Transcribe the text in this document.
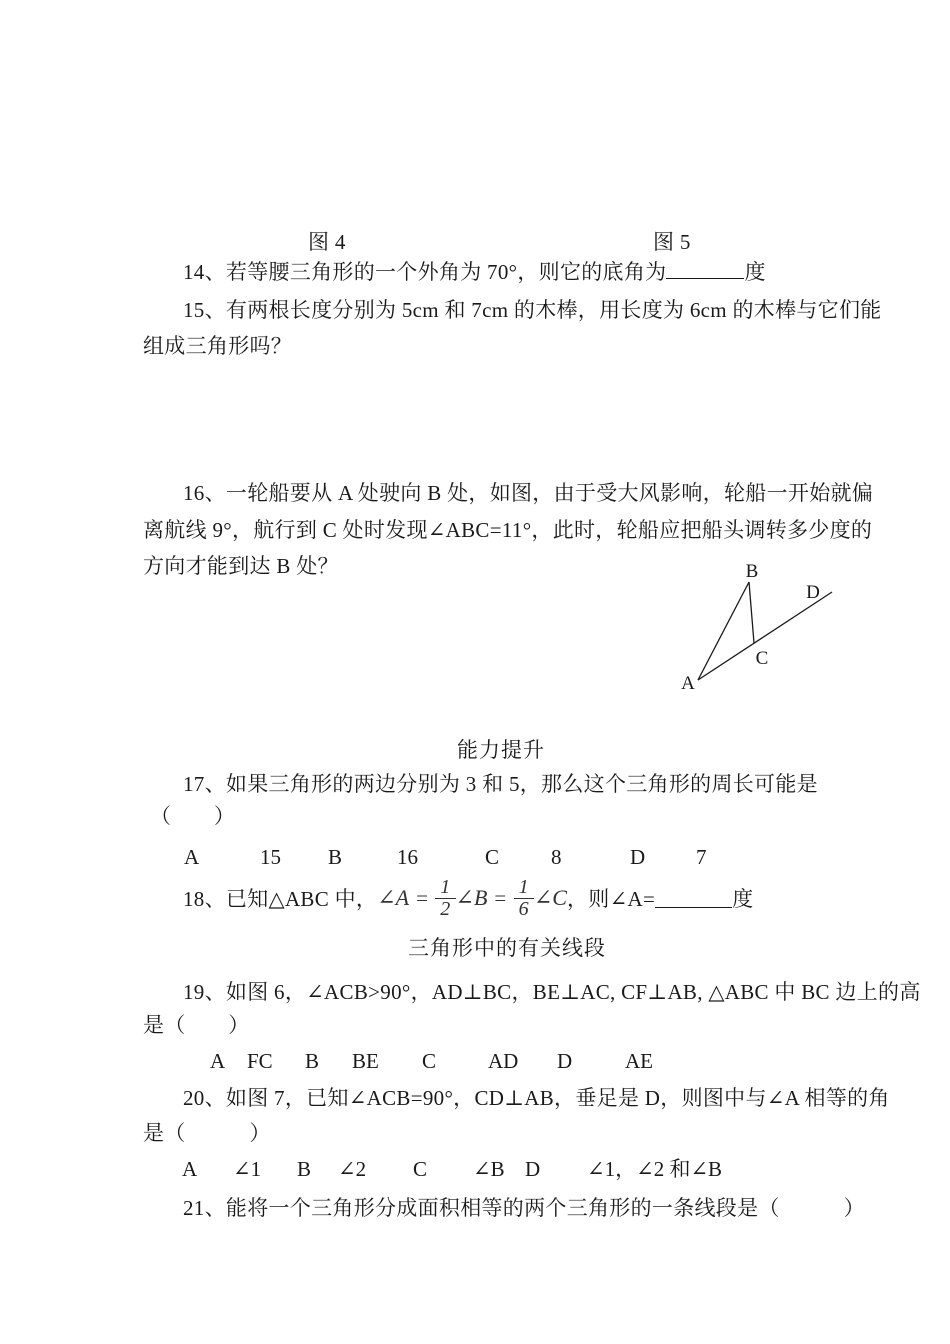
图 4	图 5
14、若等腰三角形的一个外角为 70°，则它的底角为	度
15、有两根长度分别为 5cm 和 7cm 的木棒，用长度为 6cm 的木棒与它们能
组成三角形吗？
16、一轮船要从 A 处驶向 B 处，如图，由于受大风影响，轮船一开始就偏
离航线 9°，航行到 C 处时发现∠ABC=11°，此时，轮船应把船头调转多少度的
方向才能到达 B 处？
A
B
C
D
能力提升
17、如果三角形的两边分别为 3 和 5，那么这个三角形的周长可能是
（　　）
A	15 B	16	C 8	D 7
18、已知△ABC 中， ∠A = $\frac{1}{2}$ ∠B = $\frac{1}{6}$ ∠C ，则∠A=	度
三角形中的有关线段
19、如图 6，∠ACB>90°，AD⊥BC，BE⊥AC, CF⊥AB, △ABC 中 BC 边上的高
是（　　）
A FC B BE C AD D	AE
20、如图 7，已知∠ACB=90°，CD⊥AB，垂足是 D，则图中与∠A 相等的角
是（　　　）
A ∠1 B ∠2 C ∠B D ∠1，∠2 和∠B
21、能将一个三角形分成面积相等的两个三角形的一条线段是（　　　）
